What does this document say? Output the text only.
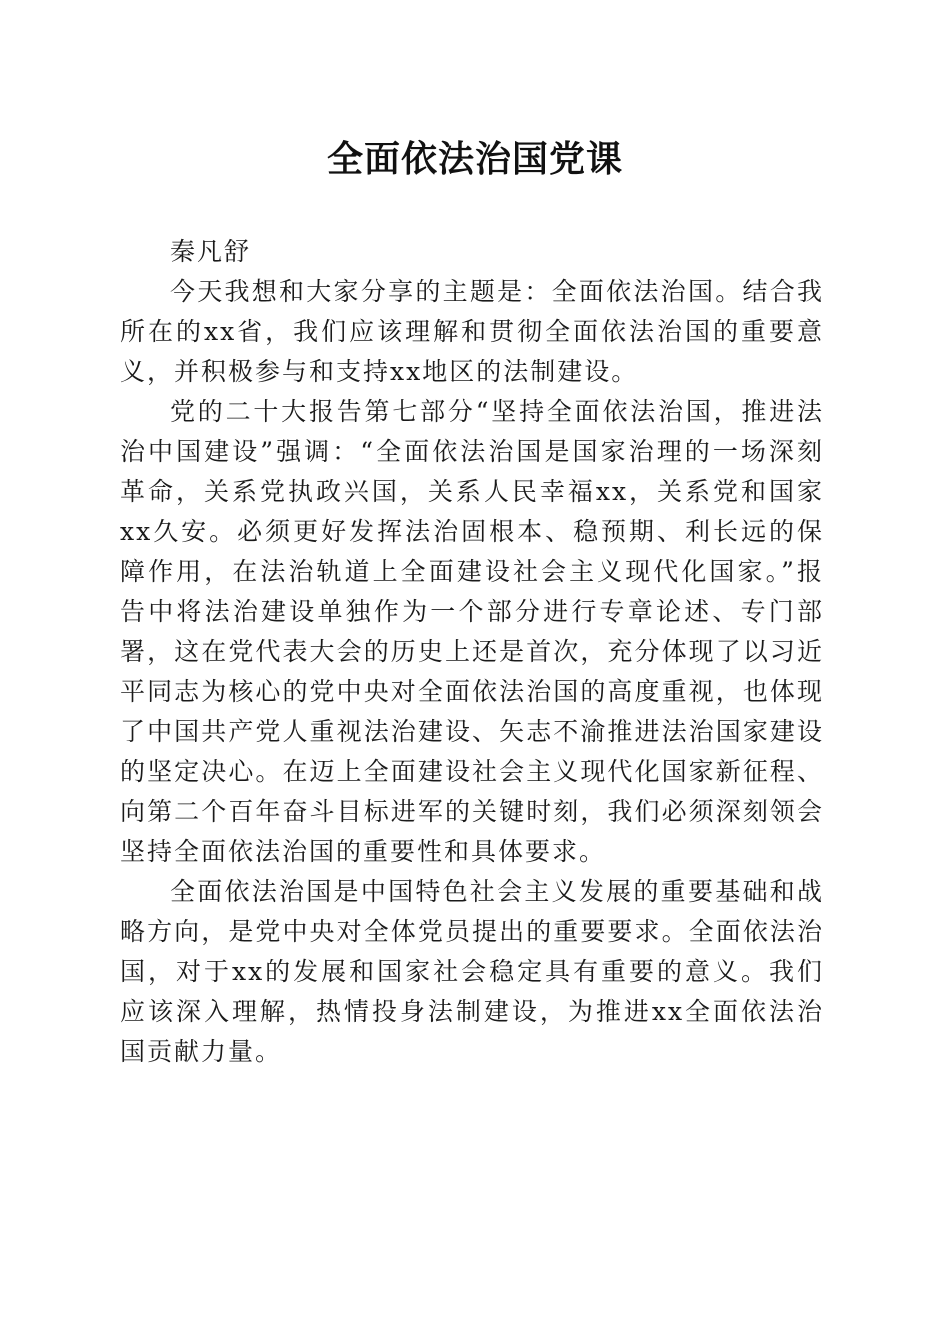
全面依法治国党课

秦凡舒

今天我想和大家分享的主题是：全面依法治国。结合我所在的xx省，我们应该理解和贯彻全面依法治国的重要意义，并积极参与和支持xx地区的法制建设。

党的二十大报告第七部分“坚持全面依法治国，推进法治中国建设”强调：“全面依法治国是国家治理的一场深刻革命，关系党执政兴国，关系人民幸福xx，关系党和国家xx久安。必须更好发挥法治固根本、稳预期、利长远的保障作用，在法治轨道上全面建设社会主义现代化国家。”报告中将法治建设单独作为一个部分进行专章论述、专门部署，这在党代表大会的历史上还是首次，充分体现了以习近平同志为核心的党中央对全面依法治国的高度重视，也体现了中国共产党人重视法治建设、矢志不渝推进法治国家建设的坚定决心。在迈上全面建设社会主义现代化国家新征程、向第二个百年奋斗目标进军的关键时刻，我们必须深刻领会坚持全面依法治国的重要性和具体要求。

全面依法治国是中国特色社会主义发展的重要基础和战略方向，是党中央对全体党员提出的重要要求。全面依法治国，对于xx的发展和国家社会稳定具有重要的意义。我们应该深入理解，热情投身法制建设，为推进xx全面依法治国贡献力量。
